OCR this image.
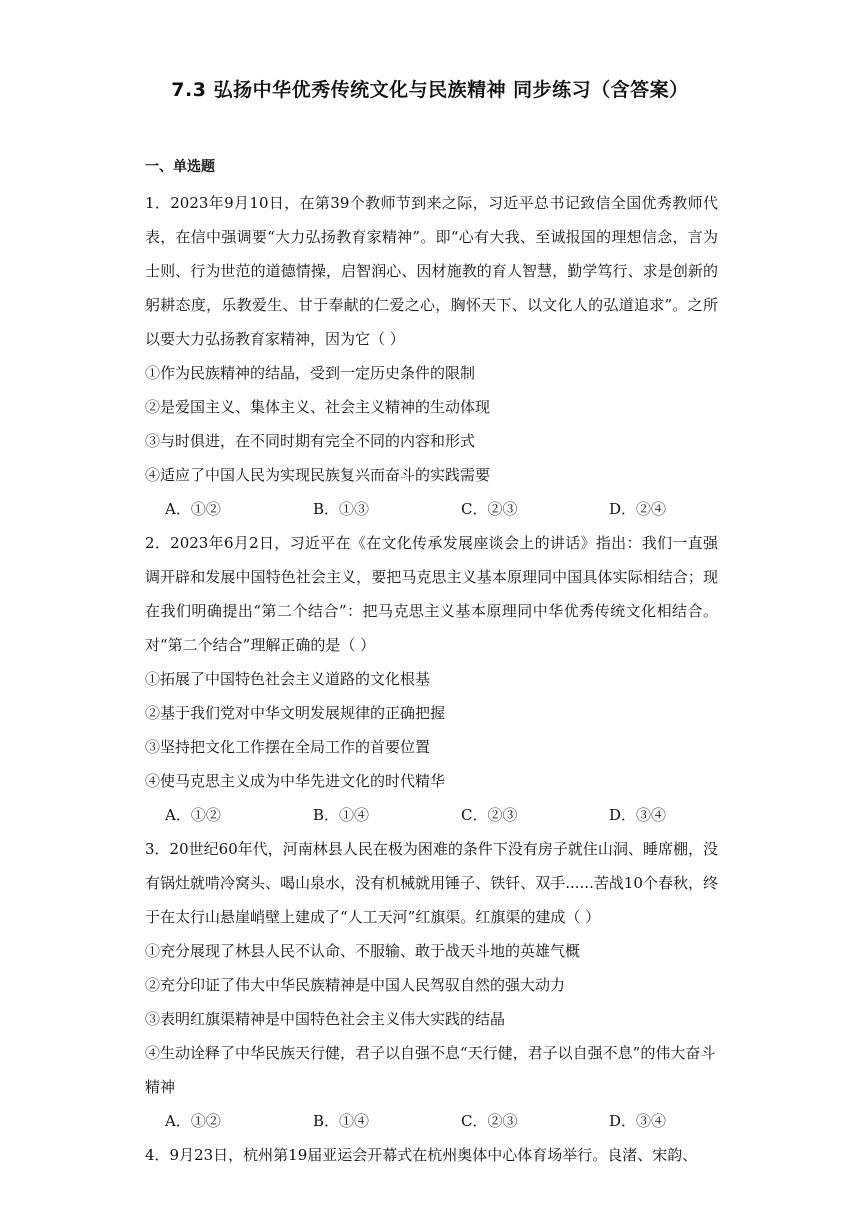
7.3 弘扬中华优秀传统文化与民族精神 同步练习（含答案）
一、单选题

1．2023年9月10日，在第39个教师节到来之际，习近平总书记致信全国优秀教师代表，在信中强调要“大力弘扬教育家精神”。即“心有大我、至诚报国的理想信念，言为士则、行为世范的道德情操，启智润心、因材施教的育人智慧，勤学笃行、求是创新的躬耕态度，乐教爱生、甘于奉献的仁爱之心，胸怀天下、以文化人的弘道追求”。之所以要大力弘扬教育家精神，因为它（ ）

①作为民族精神的结晶，受到一定历史条件的限制

②是爱国主义、集体主义、社会主义精神的生动体现

③与时俱进，在不同时期有完全不同的内容和形式

④适应了中国人民为实现民族复兴而奋斗的实践需要

A．①②	B．①③	C．②③	D．②④

2．2023年6月2日，习近平在《在文化传承发展座谈会上的讲话》指出：我们一直强调开辟和发展中国特色社会主义，要把马克思主义基本原理同中国具体实际相结合；现在我们明确提出“第二个结合”：把马克思主义基本原理同中华优秀传统文化相结合。对“第二个结合”理解正确的是（ ）

①拓展了中国特色社会主义道路的文化根基

②基于我们党对中华文明发展规律的正确把握

③坚持把文化工作摆在全局工作的首要位置

④使马克思主义成为中华先进文化的时代精华

A．①②	B．①④	C．②③	D．③④

3．20世纪60年代，河南林县人民在极为困难的条件下没有房子就住山洞、睡席棚，没有锅灶就啃冷窝头、喝山泉水，没有机械就用锤子、铁钎、双手......苦战10个春秋，终于在太行山悬崖峭壁上建成了“人工天河”红旗渠。红旗渠的建成（ ）

①充分展现了林县人民不认命、不服输、敢于战天斗地的英雄气概

②充分印证了伟大中华民族精神是中国人民驾驭自然的强大动力

③表明红旗渠精神是中国特色社会主义伟大实践的结晶

④生动诠释了中华民族天行健，君子以自强不息“天行健，君子以自强不息”的伟大奋斗精神

A．①②	B．①④	C．②③	D．③④

4．9月23日，杭州第19届亚运会开幕式在杭州奥体中心体育场举行。良渚、宋韵、
